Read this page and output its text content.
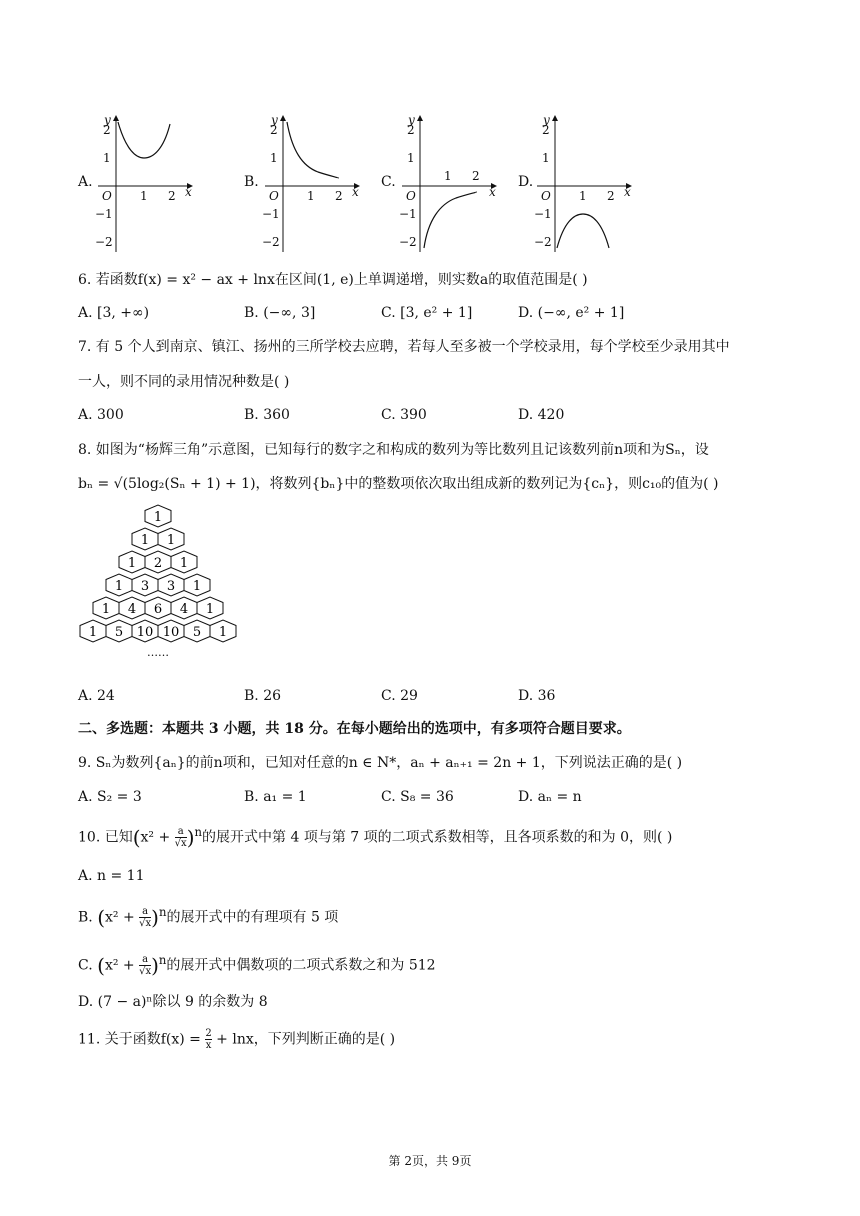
A.	B.	C.	D.
y
x
O
2
1
−1
−2
1 2
y
x
O
2
1
−1
−2
1 2
y
x
O
2
1
−1
−2
1 2
y
x
O
2
1
−1
−2
1 2
6. 若函数f(x) = x² − ax + lnx在区间(1, e)上单调递增，则实数a的取值范围是( )
A. [3, +∞)	B. (−∞, 3]	C. [3, e² + 1]	D. (−∞, e² + 1]
7. 有 5 个人到南京、镇江、扬州的三所学校去应聘，若每人至多被一个学校录用，每个学校至少录用其中
一人，则不同的录用情况种数是( )
A. 300	B. 360	C. 390	D. 420
8. 如图为“杨辉三角”示意图，已知每行的数字之和构成的数列为等比数列且记该数列前n项和为Sₙ，设
bₙ = √(5log₂(Sₙ + 1) + 1)，将数列{bₙ}中的整数项依次取出组成新的数列记为{cₙ}，则c₁₀的值为( )
1
1 1
1 2 1
1 3 3 1
1 4 6 4 1
1 5 10 10 5 1
……
A. 24	B. 26	C. 29	D. 36
二、多选题：本题共 3 小题，共 18 分。在每小题给出的选项中，有多项符合题目要求。
9. Sₙ为数列{aₙ}的前n项和，已知对任意的n ∈ N*，aₙ + aₙ₊₁ = 2n + 1，下列说法正确的是( )
A. S₂ = 3	B. a₁ = 1	C. S₈ = 36	D. aₙ = n
10. 已知$(x^2 + \frac{a}{√x} )^n$的展开式中第 4 项与第 7 项的二项式系数相等，且各项系数的和为 0，则( )
A. n = 11
B. $(x^2 + \frac{a}{√x} )^n$的展开式中的有理项有 5 项
C. $(x^2 + \frac{a}{√x} )^n$的展开式中偶数项的二项式系数之和为 512
D. (7 − a)ⁿ除以 9 的余数为 8
11. 关于函数$f(x) = \frac{2}{x} + \ln x$，下列判断正确的是( )
第 2页，共 9页
